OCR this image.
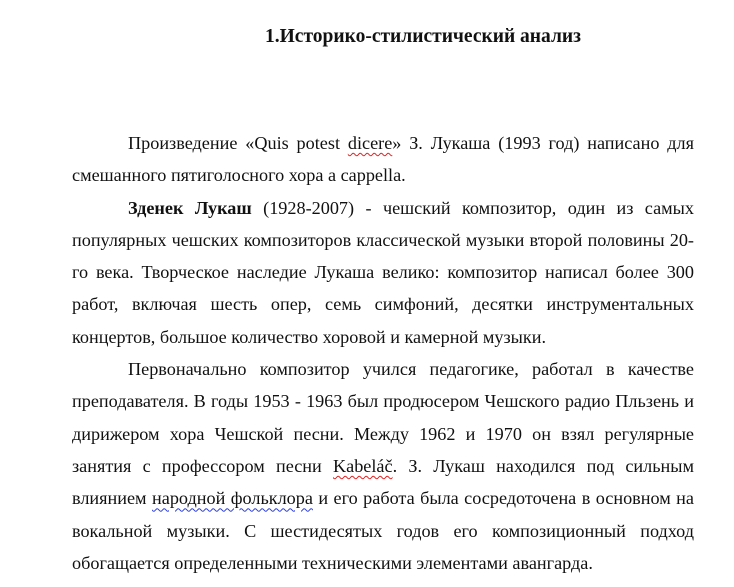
1.Историко-стилистический анализ

Произведение «Quis potest dicere» З. Лукаша (1993 год) написано для смешанного пятиголосного хора a cappella.

Зденек Лукаш (1928-2007) - чешский композитор, один из самых популярных чешских композиторов классической музыки второй половины 20-го века. Творческое наследие Лукаша велико: композитор написал более 300 работ, включая шесть опер, семь симфоний, десятки инструментальных концертов, большое количество хоровой и камерной музыки.

Первоначально композитор учился педагогике, работал в качестве преподавателя. В годы 1953 - 1963 был продюсером Чешского радио Пльзень и дирижером хора Чешской песни. Между 1962 и 1970 он взял регулярные занятия с профессором песни Kabeláč. З. Лукаш находился под сильным влиянием народной фольклора и его работа была сосредоточена в основном на вокальной музыки. С шестидесятых годов его композиционный подход обогащается определенными техническими элементами авангарда.
